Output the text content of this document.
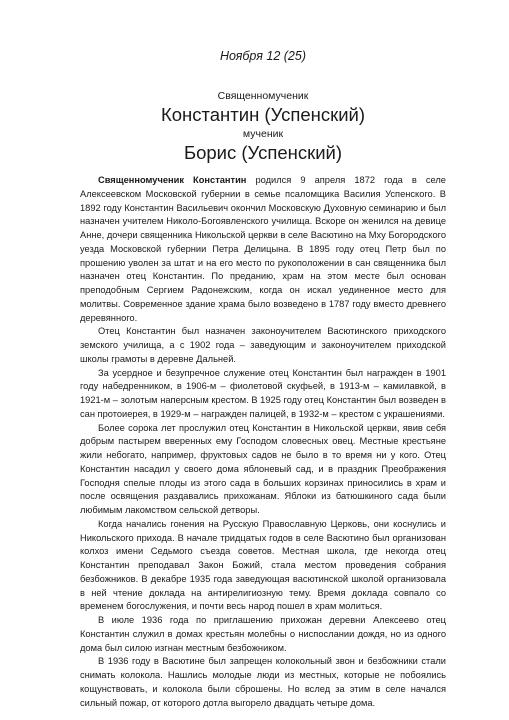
Ноября 12 (25)
Священномученик
Константин (Успенский)
мученик
Борис (Успенский)

Священномученик Константин родился 9 апреля 1872 года в селе Алексеевском Московской губернии в семье псаломщика Василия Успенского. В 1892 году Константин Васильевич окончил Московскую Духовную семинарию и был назначен учителем Николо-Богоявленского училища. Вскоре он женился на девице Анне, дочери священника Никольской церкви в селе Васютино на Мху Богородского уезда Московской губернии Петра Делицына. В 1895 году отец Петр был по прошению уволен за штат и на его место по рукоположении в сан священника был назначен отец Константин. По преданию, храм на этом месте был основан преподобным Сергием Радонежским, когда он искал уединенное место для молитвы. Современное здание храма было возведено в 1787 году вместо древнего деревянного.

Отец Константин был назначен законоучителем Васютинского приходского земского училища, а с 1902 года – заведующим и законоучителем приходской школы грамоты в деревне Дальней.

За усердное и безупречное служение отец Константин был награжден в 1901 году набедренником, в 1906-м – фиолетовой скуфьей, в 1913-м – камилавкой, в 1921-м – золотым наперсным крестом. В 1925 году отец Константин был возведен в сан протоиерея, в 1929-м – награжден палицей, в 1932-м – крестом с украшениями.

Более сорока лет прослужил отец Константин в Никольской церкви, явив себя добрым пастырем вверенных ему Господом словесных овец. Местные крестьяне жили небогато, например, фруктовых садов не было в то время ни у кого. Отец Константин насадил у своего дома яблоневый сад, и в праздник Преображения Господня спелые плоды из этого сада в больших корзинах приносились в храм и после освящения раздавались прихожанам. Яблоки из батюшкиного сада были любимым лакомством сельской детворы.

Когда начались гонения на Русскую Православную Церковь, они коснулись и Никольского прихода. В начале тридцатых годов в селе Васютино был организован колхоз имени Седьмого съезда советов. Местная школа, где некогда отец Константин преподавал Закон Божий, стала местом проведения собрания безбожников. В декабре 1935 года заведующая васютинской школой организовала в ней чтение доклада на антирелигиозную тему. Время доклада совпало со временем богослужения, и почти весь народ пошел в храм молиться.

В июле 1936 года по приглашению прихожан деревни Алексеево отец Константин служил в домах крестьян молебны о ниспослании дождя, но из одного дома был силою изгнан местным безбожником.

В 1936 году в Васютине был запрещен колокольный звон и безбожники стали снимать колокола. Нашлись молодые люди из местных, которые не побоялись кощунствовать, и колокола были сброшены. Но вслед за этим в селе начался сильный пожар, от которого дотла выгорело двадцать четыре дома.
